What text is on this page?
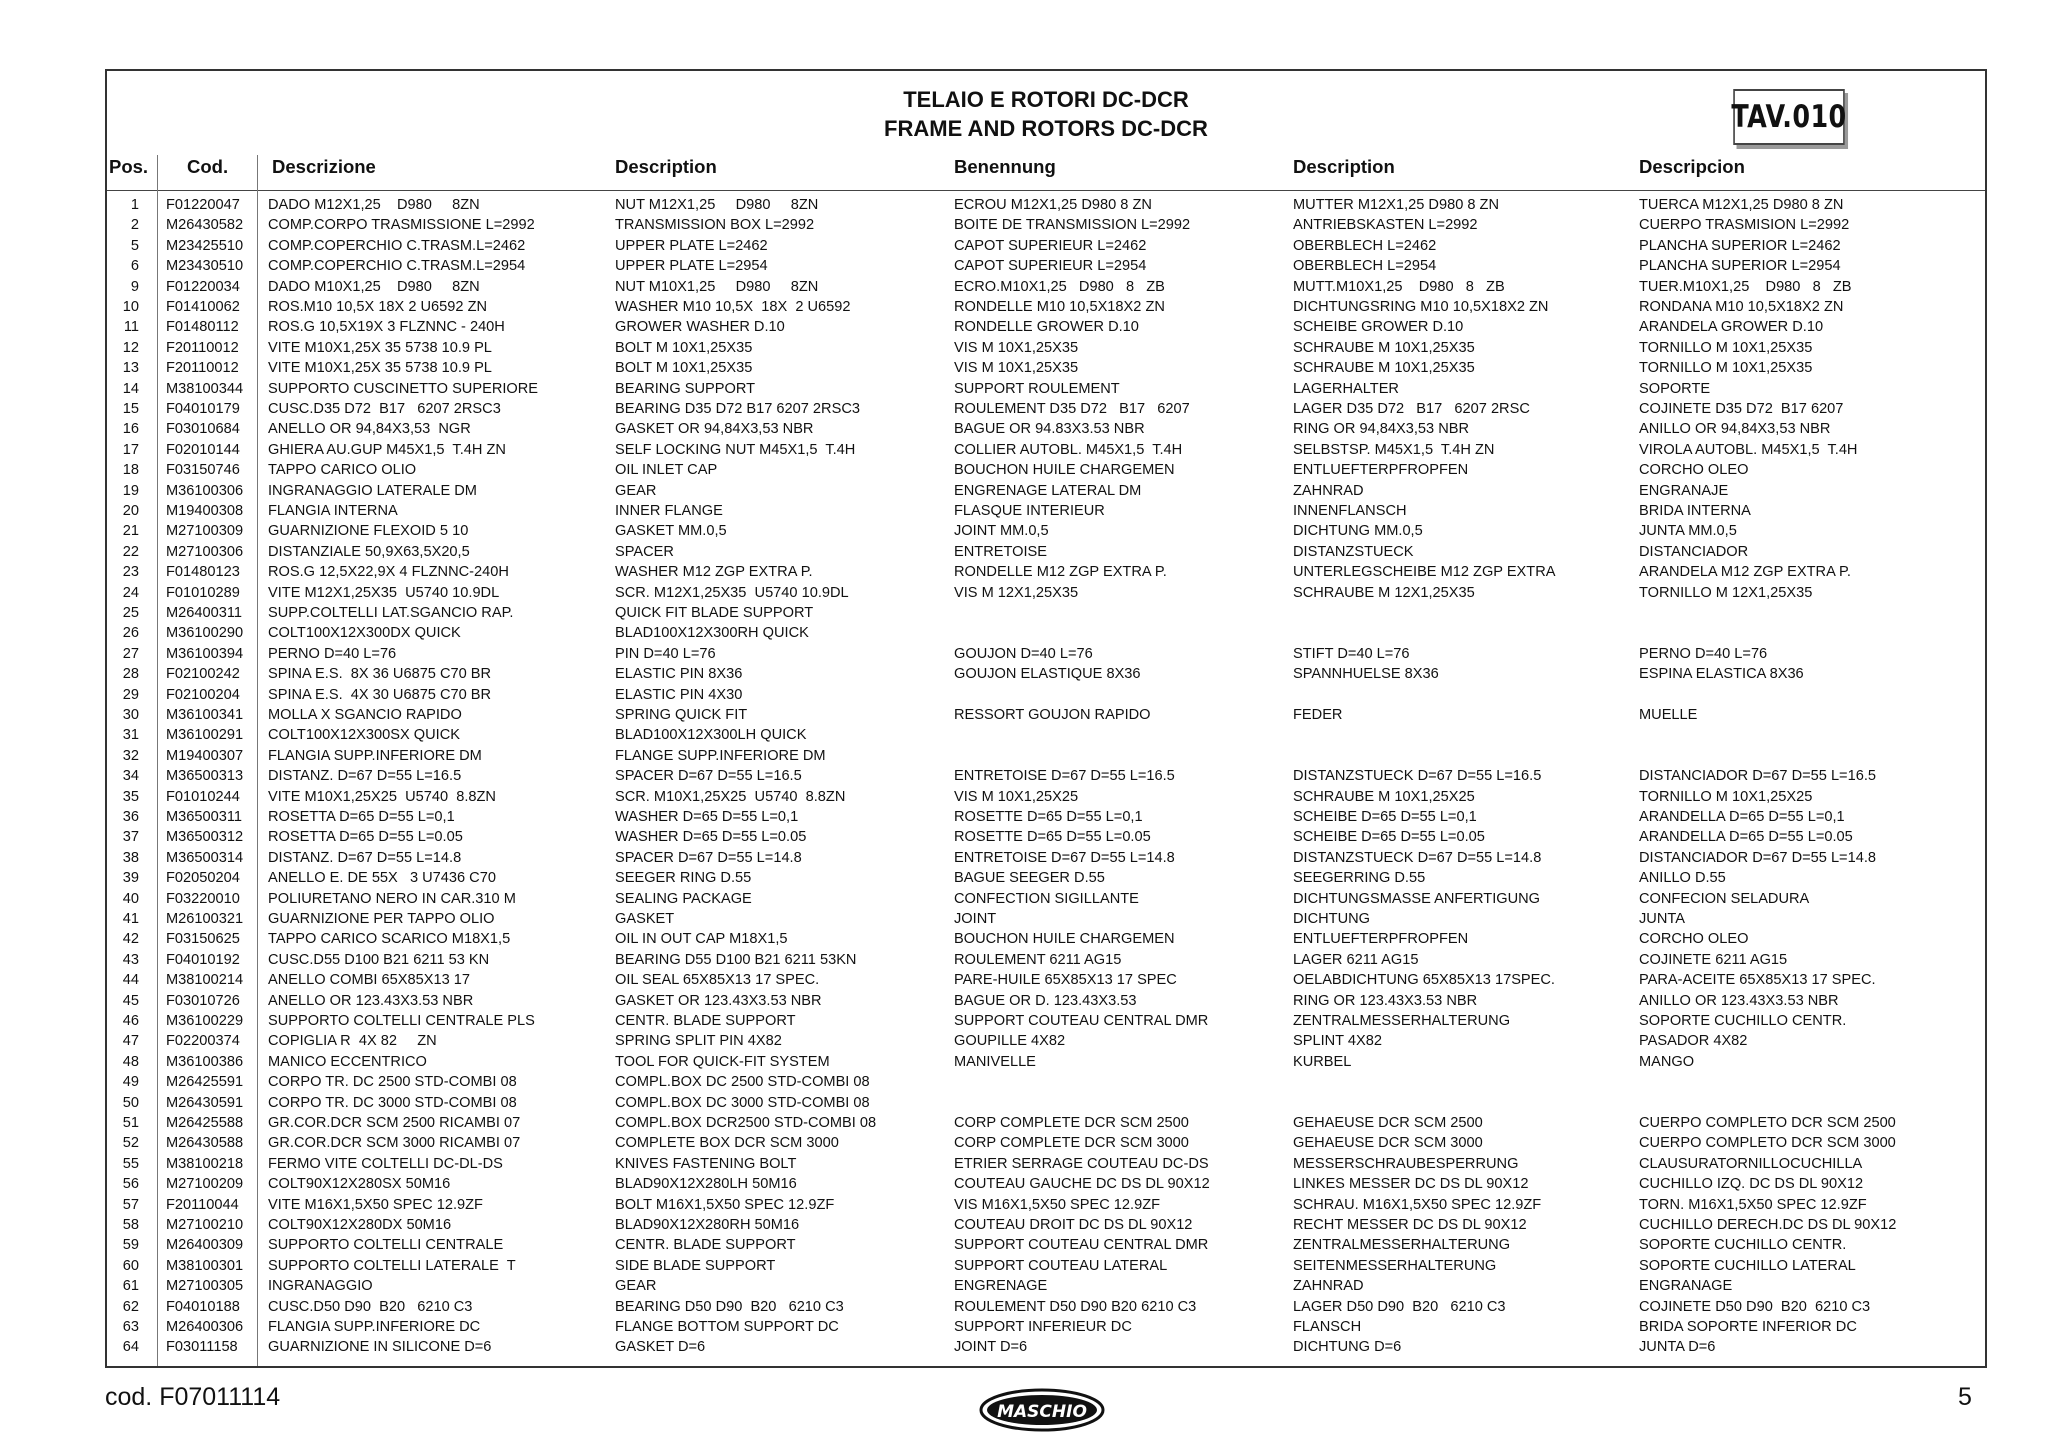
TELAIO E ROTORI DC-DCR
FRAME AND ROTORS DC-DCR	TAV.010
Pos. Cod. Descrizione	Description	Benennung	Description	Descripcion
1 F01220047 DADO M12X1,25    D980     8ZN	NUT M12X1,25     D980     8ZN	ECROU M12X1,25 D980 8 ZN	MUTTER M12X1,25 D980 8 ZN	TUERCA M12X1,25 D980 8 ZN
2 M26430582 COMP.CORPO TRASMISSIONE L=2992	TRANSMISSION BOX L=2992	BOITE DE TRANSMISSION L=2992	ANTRIEBSKASTEN L=2992	CUERPO TRASMISION L=2992
5 M23425510 COMP.COPERCHIO C.TRASM.L=2462	UPPER PLATE L=2462	CAPOT SUPERIEUR L=2462	OBERBLECH L=2462	PLANCHA SUPERIOR L=2462
6 M23430510 COMP.COPERCHIO C.TRASM.L=2954	UPPER PLATE L=2954	CAPOT SUPERIEUR L=2954	OBERBLECH L=2954	PLANCHA SUPERIOR L=2954
9 F01220034 DADO M10X1,25    D980     8ZN	NUT M10X1,25     D980     8ZN	ECRO.M10X1,25   D980   8   ZB	MUTT.M10X1,25    D980   8   ZB	TUER.M10X1,25    D980   8   ZB
10 F01410062 ROS.M10 10,5X 18X 2 U6592 ZN	WASHER M10 10,5X  18X  2 U6592	RONDELLE M10 10,5X18X2 ZN	DICHTUNGSRING M10 10,5X18X2 ZN	RONDANA M10 10,5X18X2 ZN
11 F01480112 ROS.G 10,5X19X 3 FLZNNC - 240H	GROWER WASHER D.10	RONDELLE GROWER D.10	SCHEIBE GROWER D.10	ARANDELA GROWER D.10
12 F20110012 VITE M10X1,25X 35 5738 10.9 PL	BOLT M 10X1,25X35	VIS M 10X1,25X35	SCHRAUBE M 10X1,25X35	TORNILLO M 10X1,25X35
13 F20110012 VITE M10X1,25X 35 5738 10.9 PL	BOLT M 10X1,25X35	VIS M 10X1,25X35	SCHRAUBE M 10X1,25X35	TORNILLO M 10X1,25X35
14 M38100344 SUPPORTO CUSCINETTO SUPERIORE	BEARING SUPPORT	SUPPORT ROULEMENT	LAGERHALTER	SOPORTE
15 F04010179 CUSC.D35 D72  B17   6207 2RSC3	BEARING D35 D72 B17 6207 2RSC3	ROULEMENT D35 D72   B17   6207	LAGER D35 D72   B17   6207 2RSC	COJINETE D35 D72  B17 6207
16 F03010684 ANELLO OR 94,84X3,53  NGR	GASKET OR 94,84X3,53 NBR	BAGUE OR 94.83X3.53 NBR	RING OR 94,84X3,53 NBR	ANILLO OR 94,84X3,53 NBR
17 F02010144 GHIERA AU.GUP M45X1,5  T.4H ZN	SELF LOCKING NUT M45X1,5  T.4H	COLLIER AUTOBL. M45X1,5  T.4H	SELBSTSP. M45X1,5  T.4H ZN	VIROLA AUTOBL. M45X1,5  T.4H
18 F03150746 TAPPO CARICO OLIO	OIL INLET CAP	BOUCHON HUILE CHARGEMEN	ENTLUEFTERPFROPFEN	CORCHO OLEO
19 M36100306 INGRANAGGIO LATERALE DM	GEAR	ENGRENAGE LATERAL DM	ZAHNRAD	ENGRANAJE
20 M19400308 FLANGIA INTERNA	INNER FLANGE	FLASQUE INTERIEUR	INNENFLANSCH	BRIDA INTERNA
21 M27100309 GUARNIZIONE FLEXOID 5 10	GASKET MM.0,5	JOINT MM.0,5	DICHTUNG MM.0,5	JUNTA MM.0,5
22 M27100306 DISTANZIALE 50,9X63,5X20,5	SPACER	ENTRETOISE	DISTANZSTUECK	DISTANCIADOR
23 F01480123 ROS.G 12,5X22,9X 4 FLZNNC-240H	WASHER M12 ZGP EXTRA P.	RONDELLE M12 ZGP EXTRA P.	UNTERLEGSCHEIBE M12 ZGP EXTRA	ARANDELA M12 ZGP EXTRA P.
24 F01010289 VITE M12X1,25X35  U5740 10.9DL	SCR. M12X1,25X35  U5740 10.9DL	VIS M 12X1,25X35	SCHRAUBE M 12X1,25X35	TORNILLO M 12X1,25X35
25 M26400311 SUPP.COLTELLI LAT.SGANCIO RAP.	QUICK FIT BLADE SUPPORT
26 M36100290 COLT100X12X300DX QUICK	BLAD100X12X300RH QUICK
27 M36100394 PERNO D=40 L=76	PIN D=40 L=76	GOUJON D=40 L=76	STIFT D=40 L=76	PERNO D=40 L=76
28 F02100242 SPINA E.S.  8X 36 U6875 C70 BR	ELASTIC PIN 8X36	GOUJON ELASTIQUE 8X36	SPANNHUELSE 8X36	ESPINA ELASTICA 8X36
29 F02100204 SPINA E.S.  4X 30 U6875 C70 BR	ELASTIC PIN 4X30
30 M36100341 MOLLA X SGANCIO RAPIDO	SPRING QUICK FIT	RESSORT GOUJON RAPIDO	FEDER	MUELLE
31 M36100291 COLT100X12X300SX QUICK	BLAD100X12X300LH QUICK
32 M19400307 FLANGIA SUPP.INFERIORE DM	FLANGE SUPP.INFERIORE DM
34 M36500313 DISTANZ. D=67 D=55 L=16.5	SPACER D=67 D=55 L=16.5	ENTRETOISE D=67 D=55 L=16.5	DISTANZSTUECK D=67 D=55 L=16.5	DISTANCIADOR D=67 D=55 L=16.5
35 F01010244 VITE M10X1,25X25  U5740  8.8ZN	SCR. M10X1,25X25  U5740  8.8ZN	VIS M 10X1,25X25	SCHRAUBE M 10X1,25X25	TORNILLO M 10X1,25X25
36 M36500311 ROSETTA D=65 D=55 L=0,1	WASHER D=65 D=55 L=0,1	ROSETTE D=65 D=55 L=0,1	SCHEIBE D=65 D=55 L=0,1	ARANDELLA D=65 D=55 L=0,1
37 M36500312 ROSETTA D=65 D=55 L=0.05	WASHER D=65 D=55 L=0.05	ROSETTE D=65 D=55 L=0.05	SCHEIBE D=65 D=55 L=0.05	ARANDELLA D=65 D=55 L=0.05
38 M36500314 DISTANZ. D=67 D=55 L=14.8	SPACER D=67 D=55 L=14.8	ENTRETOISE D=67 D=55 L=14.8	DISTANZSTUECK D=67 D=55 L=14.8	DISTANCIADOR D=67 D=55 L=14.8
39 F02050204 ANELLO E. DE 55X   3 U7436 C70	SEEGER RING D.55	BAGUE SEEGER D.55	SEEGERRING D.55	ANILLO D.55
40 F03220010 POLIURETANO NERO IN CAR.310 M	SEALING PACKAGE	CONFECTION SIGILLANTE	DICHTUNGSMASSE ANFERTIGUNG	CONFECION SELADURA
41 M26100321 GUARNIZIONE PER TAPPO OLIO	GASKET	JOINT	DICHTUNG	JUNTA
42 F03150625 TAPPO CARICO SCARICO M18X1,5	OIL IN OUT CAP M18X1,5	BOUCHON HUILE CHARGEMEN	ENTLUEFTERPFROPFEN	CORCHO OLEO
43 F04010192 CUSC.D55 D100 B21 6211 53 KN	BEARING D55 D100 B21 6211 53KN	ROULEMENT 6211 AG15	LAGER 6211 AG15	COJINETE 6211 AG15
44 M38100214 ANELLO COMBI 65X85X13 17	OIL SEAL 65X85X13 17 SPEC.	PARE-HUILE 65X85X13 17 SPEC	OELABDICHTUNG 65X85X13 17SPEC.	PARA-ACEITE 65X85X13 17 SPEC.
45 F03010726 ANELLO OR 123.43X3.53 NBR	GASKET OR 123.43X3.53 NBR	BAGUE OR D. 123.43X3.53	RING OR 123.43X3.53 NBR	ANILLO OR 123.43X3.53 NBR
46 M36100229 SUPPORTO COLTELLI CENTRALE PLS	CENTR. BLADE SUPPORT	SUPPORT COUTEAU CENTRAL DMR	ZENTRALMESSERHALTERUNG	SOPORTE CUCHILLO CENTR.
47 F02200374 COPIGLIA R  4X 82     ZN	SPRING SPLIT PIN 4X82	GOUPILLE 4X82	SPLINT 4X82	PASADOR 4X82
48 M36100386 MANICO ECCENTRICO	TOOL FOR QUICK-FIT SYSTEM	MANIVELLE	KURBEL	MANGO
49 M26425591 CORPO TR. DC 2500 STD-COMBI 08	COMPL.BOX DC 2500 STD-COMBI 08
50 M26430591 CORPO TR. DC 3000 STD-COMBI 08	COMPL.BOX DC 3000 STD-COMBI 08
51 M26425588 GR.COR.DCR SCM 2500 RICAMBI 07	COMPL.BOX DCR2500 STD-COMBI 08	CORP COMPLETE DCR SCM 2500	GEHAEUSE DCR SCM 2500	CUERPO COMPLETO DCR SCM 2500
52 M26430588 GR.COR.DCR SCM 3000 RICAMBI 07	COMPLETE BOX DCR SCM 3000	CORP COMPLETE DCR SCM 3000	GEHAEUSE DCR SCM 3000	CUERPO COMPLETO DCR SCM 3000
55 M38100218 FERMO VITE COLTELLI DC-DL-DS	KNIVES FASTENING BOLT	ETRIER SERRAGE COUTEAU DC-DS	MESSERSCHRAUBESPERRUNG	CLAUSURATORNILLOCUCHILLA
56 M27100209 COLT90X12X280SX 50M16	BLAD90X12X280LH 50M16	COUTEAU GAUCHE DC DS DL 90X12	LINKES MESSER DC DS DL 90X12	CUCHILLO IZQ. DC DS DL 90X12
57 F20110044 VITE M16X1,5X50 SPEC 12.9ZF	BOLT M16X1,5X50 SPEC 12.9ZF	VIS M16X1,5X50 SPEC 12.9ZF	SCHRAU. M16X1,5X50 SPEC 12.9ZF	TORN. M16X1,5X50 SPEC 12.9ZF
58 M27100210 COLT90X12X280DX 50M16	BLAD90X12X280RH 50M16	COUTEAU DROIT DC DS DL 90X12	RECHT MESSER DC DS DL 90X12	CUCHILLO DERECH.DC DS DL 90X12
59 M26400309 SUPPORTO COLTELLI CENTRALE	CENTR. BLADE SUPPORT	SUPPORT COUTEAU CENTRAL DMR	ZENTRALMESSERHALTERUNG	SOPORTE CUCHILLO CENTR.
60 M38100301 SUPPORTO COLTELLI LATERALE  T	SIDE BLADE SUPPORT	SUPPORT COUTEAU LATERAL	SEITENMESSERHALTERUNG	SOPORTE CUCHILLO LATERAL
61 M27100305 INGRANAGGIO	GEAR	ENGRENAGE	ZAHNRAD	ENGRANAGE
62 F04010188 CUSC.D50 D90  B20   6210 C3	BEARING D50 D90  B20   6210 C3	ROULEMENT D50 D90 B20 6210 C3	LAGER D50 D90  B20   6210 C3	COJINETE D50 D90  B20  6210 C3
63 M26400306 FLANGIA SUPP.INFERIORE DC	FLANGE BOTTOM SUPPORT DC	SUPPORT INFERIEUR DC	FLANSCH	BRIDA SOPORTE INFERIOR DC
64 F03011158 GUARNIZIONE IN SILICONE D=6	GASKET D=6	JOINT D=6	DICHTUNG D=6	JUNTA D=6
cod. F07011114
MASCHIO
5
